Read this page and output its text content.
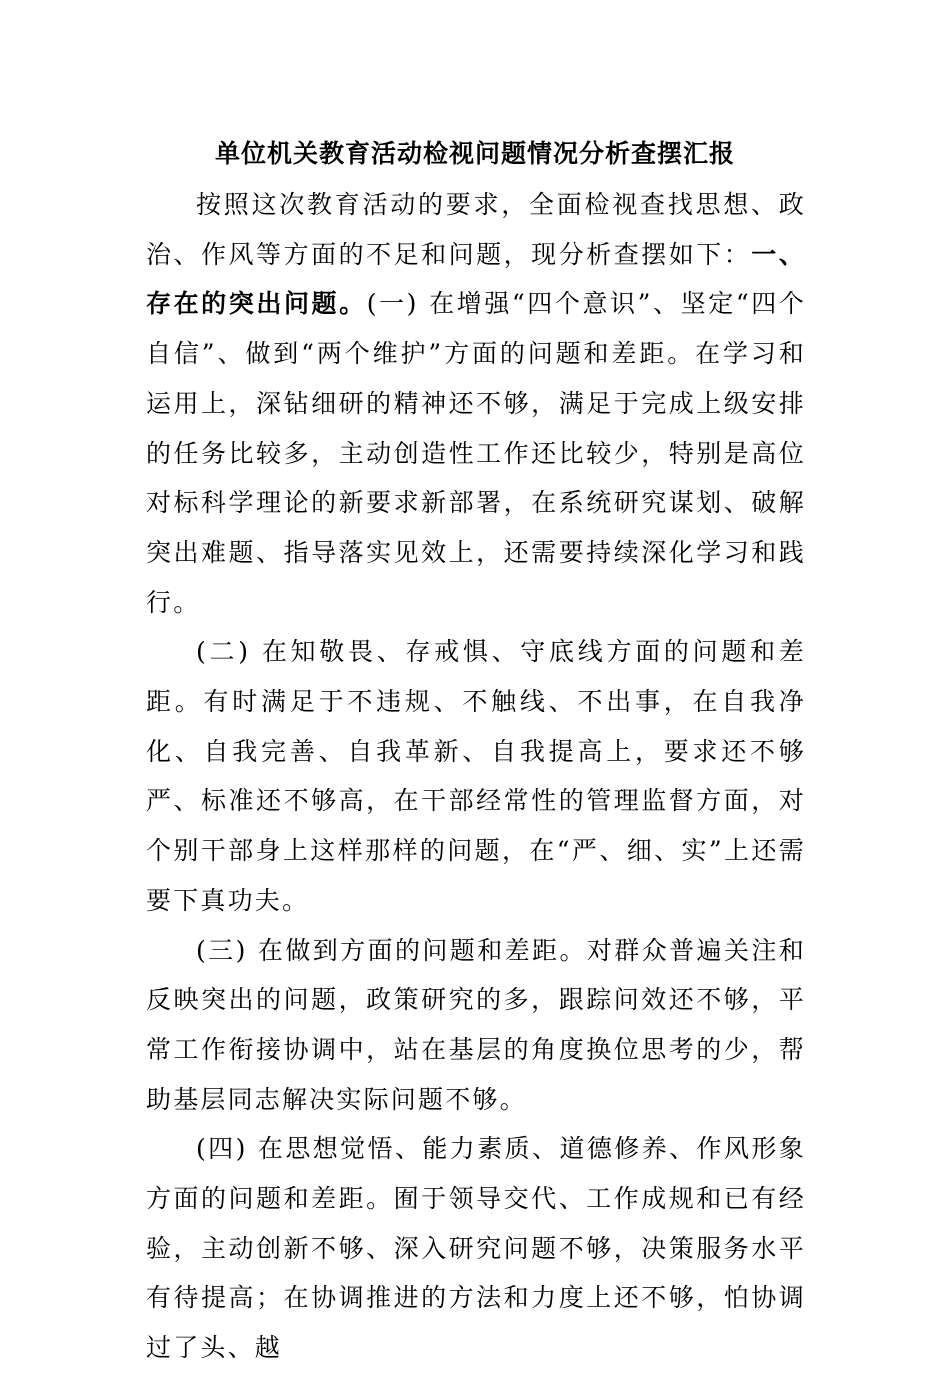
单位机关教育活动检视问题情况分析查摆汇报

按照这次教育活动的要求，全面检视查找思想、政治、作风等方面的不足和问题，现分析查摆如下：一、存在的突出问题。(一) 在增强“四个意识”、坚定“四个自信”、做到“两个维护”方面的问题和差距。在学习和运用上，深钻细研的精神还不够，满足于完成上级安排的任务比较多，主动创造性工作还比较少，特别是高位对标科学理论的新要求新部署，在系统研究谋划、破解突出难题、指导落实见效上，还需要持续深化学习和践行。

(二) 在知敬畏、存戒惧、守底线方面的问题和差距。有时满足于不违规、不触线、不出事，在自我净化、自我完善、自我革新、自我提高上，要求还不够严、标准还不够高，在干部经常性的管理监督方面，对个别干部身上这样那样的问题，在“严、细、实”上还需要下真功夫。

(三) 在做到方面的问题和差距。对群众普遍关注和反映突出的问题，政策研究的多，跟踪问效还不够，平常工作衔接协调中，站在基层的角度换位思考的少，帮助基层同志解决实际问题不够。

(四) 在思想觉悟、能力素质、道德修养、作风形象方面的问题和差距。囿于领导交代、工作成规和已有经验，主动创新不够、深入研究问题不够，决策服务水平有待提高；在协调推进的方法和力度上还不够，怕协调过了头、越
